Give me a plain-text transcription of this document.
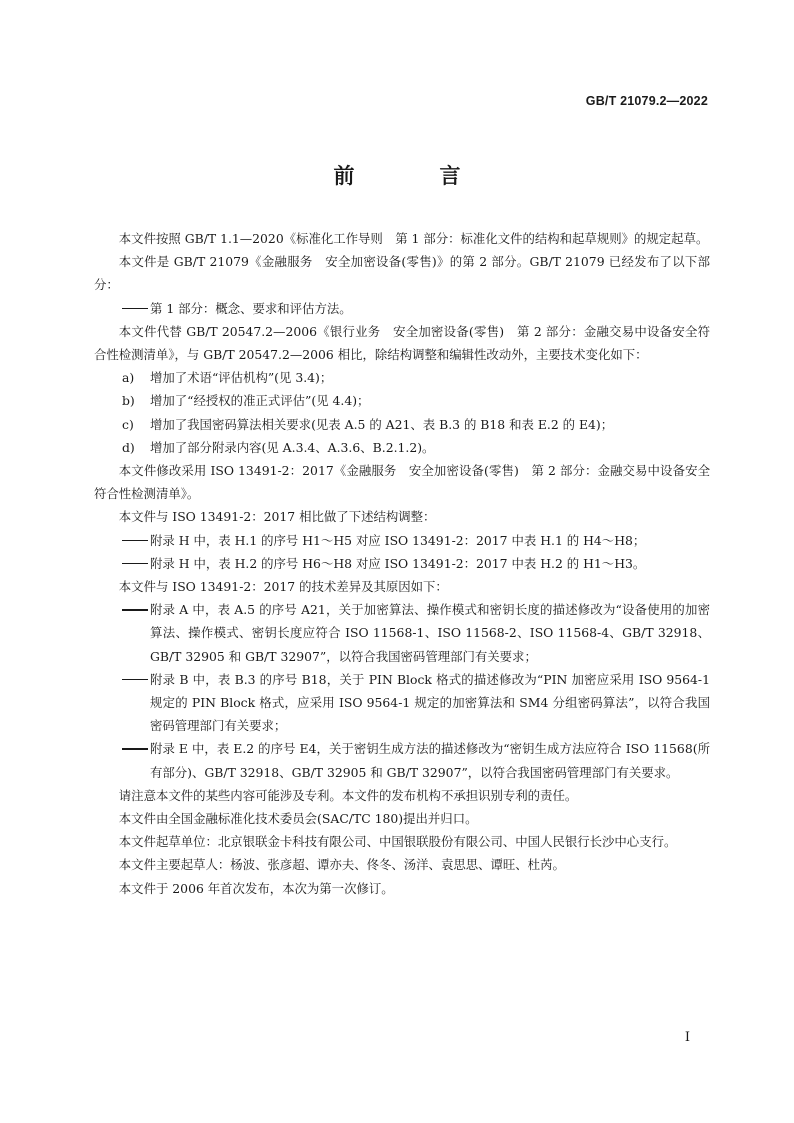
GB/T 21079.2—2022
前　言
本文件按照 GB/T 1.1—2020《标准化工作导则　第 1 部分：标准化文件的结构和起草规则》的规定起草。
本文件是 GB/T 21079《金融服务　安全加密设备(零售)》的第 2 部分。GB/T 21079 已经发布了以下部分：
第 1 部分：概念、要求和评估方法。
本文件代替 GB/T 20547.2—2006《银行业务　安全加密设备(零售)　第 2 部分：金融交易中设备安全符合性检测清单》，与 GB/T 20547.2—2006 相比，除结构调整和编辑性改动外，主要技术变化如下：
a) 增加了术语“评估机构”(见 3.4)；
b) 增加了“经授权的准正式评估”(见 4.4)；
c) 增加了我国密码算法相关要求(见表 A.5 的 A21、表 B.3 的 B18 和表 E.2 的 E4)；
d) 增加了部分附录内容(见 A.3.4、A.3.6、B.2.1.2)。
本文件修改采用 ISO 13491-2：2017《金融服务　安全加密设备(零售)　第 2 部分：金融交易中设备安全符合性检测清单》。
本文件与 ISO 13491-2：2017 相比做了下述结构调整：
附录 H 中，表 H.1 的序号 H1～H5 对应 ISO 13491-2：2017 中表 H.1 的 H4～H8；
附录 H 中，表 H.2 的序号 H6～H8 对应 ISO 13491-2：2017 中表 H.2 的 H1～H3。
本文件与 ISO 13491-2：2017 的技术差异及其原因如下：
附录 A 中，表 A.5 的序号 A21，关于加密算法、操作模式和密钥长度的描述修改为“设备使用的加密算法、操作模式、密钥长度应符合 ISO 11568-1、ISO 11568-2、ISO 11568-4、GB/T 32918、GB/T 32905 和 GB/T 32907”，以符合我国密码管理部门有关要求；
附录 B 中，表 B.3 的序号 B18，关于 PIN Block 格式的描述修改为“PIN 加密应采用 ISO 9564-1 规定的 PIN Block 格式，应采用 ISO 9564-1 规定的加密算法和 SM4 分组密码算法”，以符合我国密码管理部门有关要求；
附录 E 中，表 E.2 的序号 E4，关于密钥生成方法的描述修改为“密钥生成方法应符合 ISO 11568(所有部分)、GB/T 32918、GB/T 32905 和 GB/T 32907”，以符合我国密码管理部门有关要求。
请注意本文件的某些内容可能涉及专利。本文件的发布机构不承担识别专利的责任。
本文件由全国金融标准化技术委员会(SAC/TC 180)提出并归口。
本文件起草单位：北京银联金卡科技有限公司、中国银联股份有限公司、中国人民银行长沙中心支行。
本文件主要起草人：杨波、张彦超、谭亦夫、佟冬、汤洋、袁思思、谭旺、杜芮。
本文件于 2006 年首次发布，本次为第一次修订。
I
